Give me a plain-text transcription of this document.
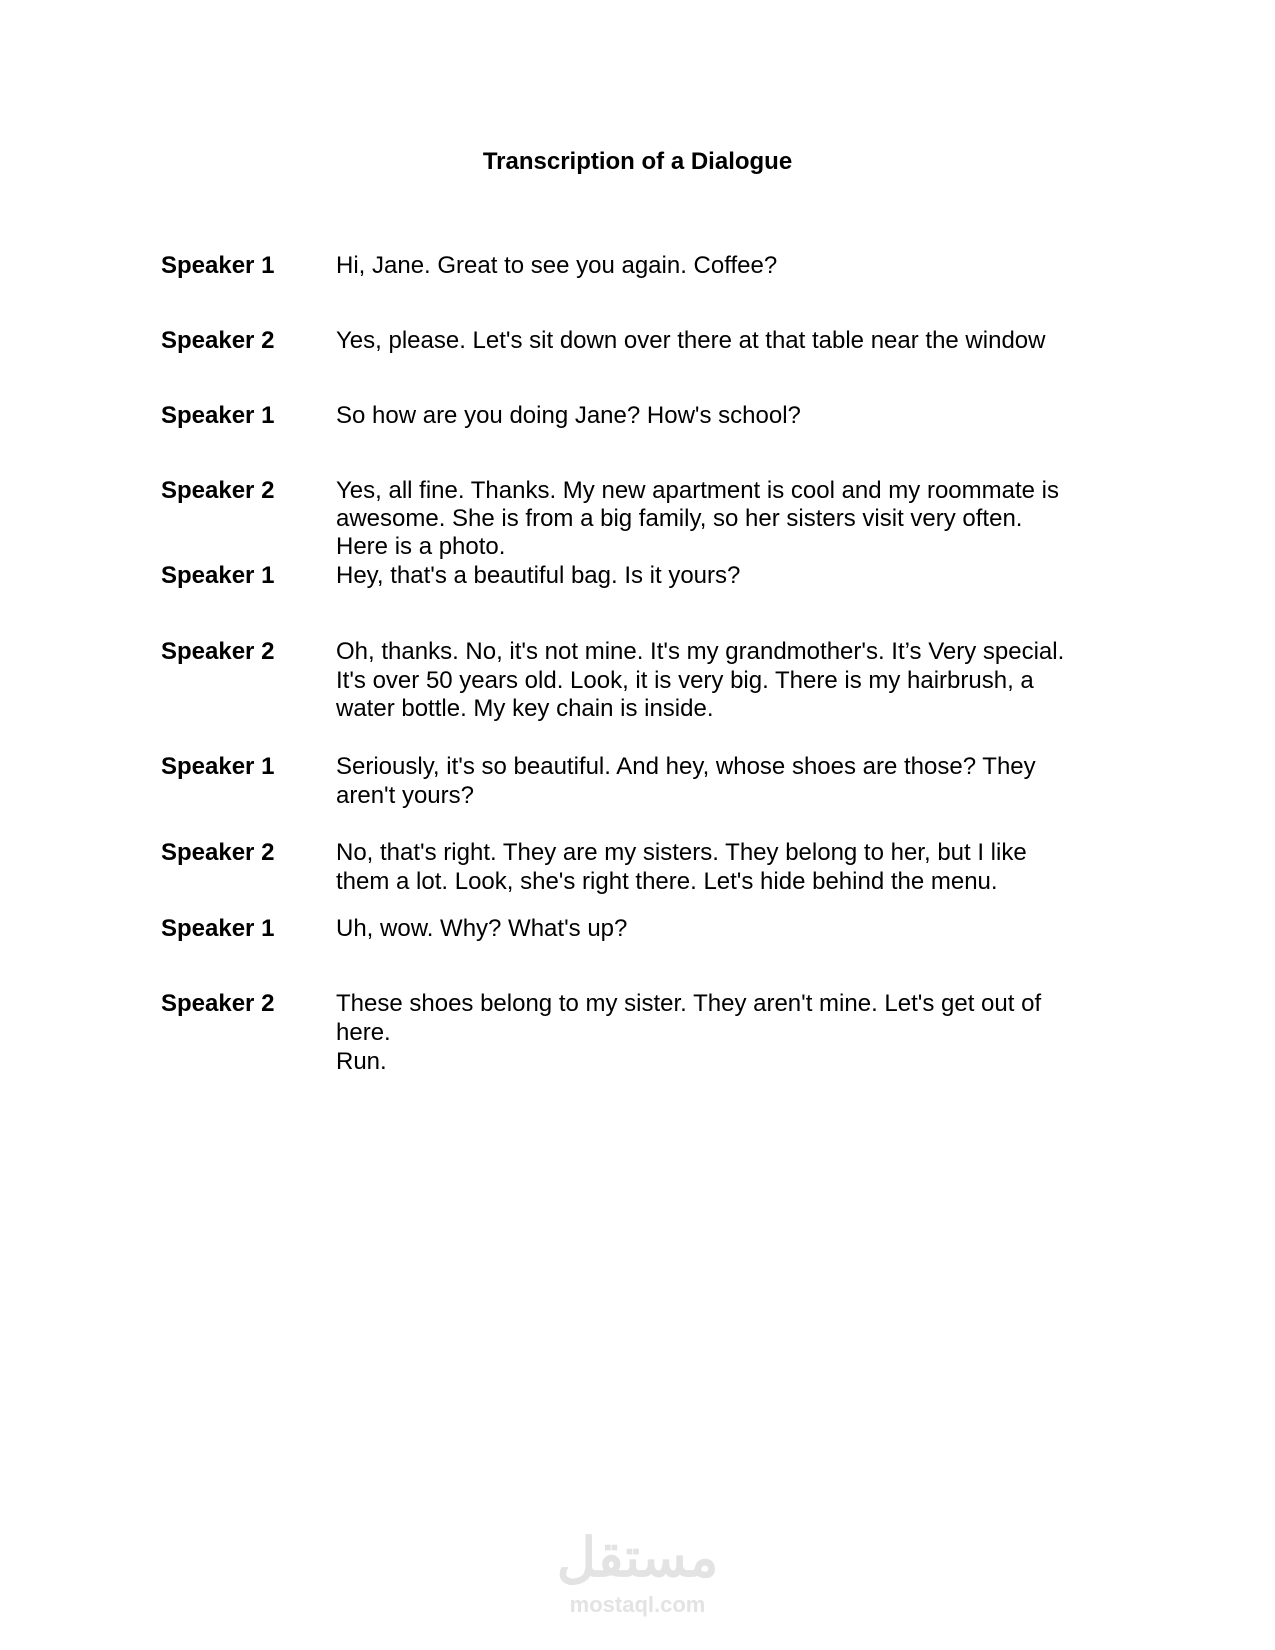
Transcription of a Dialogue
Speaker 1	Hi, Jane. Great to see you again. Coffee?
Speaker 2	Yes, please. Let's sit down over there at that table near the window
Speaker 1	So how are you doing Jane? How's school?
Speaker 2	Yes, all fine. Thanks. My new apartment is cool and my roommate is
awesome. She is from a big family, so her sisters visit very often.
Here is a photo.
Speaker 1	Hey, that's a beautiful bag. Is it yours?
Speaker 2	Oh, thanks. No, it's not mine. It's my grandmother's. It’s Very special.
It's over 50 years old. Look, it is very big. There is my hairbrush, a
water bottle. My key chain is inside.
Speaker 1	Seriously, it's so beautiful. And hey, whose shoes are those? They
aren't yours?
Speaker 2	No, that's right. They are my sisters. They belong to her, but I like
them a lot. Look, she's right there. Let's hide behind the menu.
Speaker 1	Uh, wow. Why? What's up?
Speaker 2	These shoes belong to my sister. They aren't mine. Let's get out of
here.
Run.
مستقل
mostaql.com
